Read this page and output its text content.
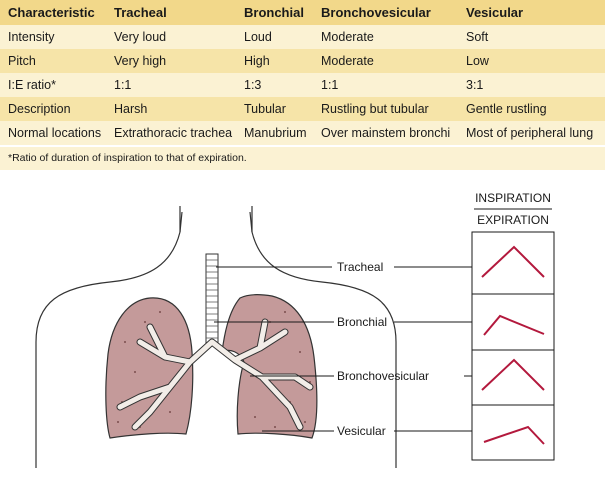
Characteristic	Tracheal	Bronchial	Bronchovesicular	Vesicular
Intensity	Very loud	Loud	Moderate	Soft
Pitch	Very high	High	Moderate	Low
I:E ratio*	1:1	1:3	1:1	3:1
Description	Harsh	Tubular	Rustling but tubular	Gentle rustling
Normal locations	Extrathoracic trachea	Manubrium	Over mainstem bronchi	Most of peripheral lung
*Ratio of duration of inspiration to that of expiration.
Tracheal
Bronchial
Bronchovesicular
Vesicular
INSPIRATION
EXPIRATION
